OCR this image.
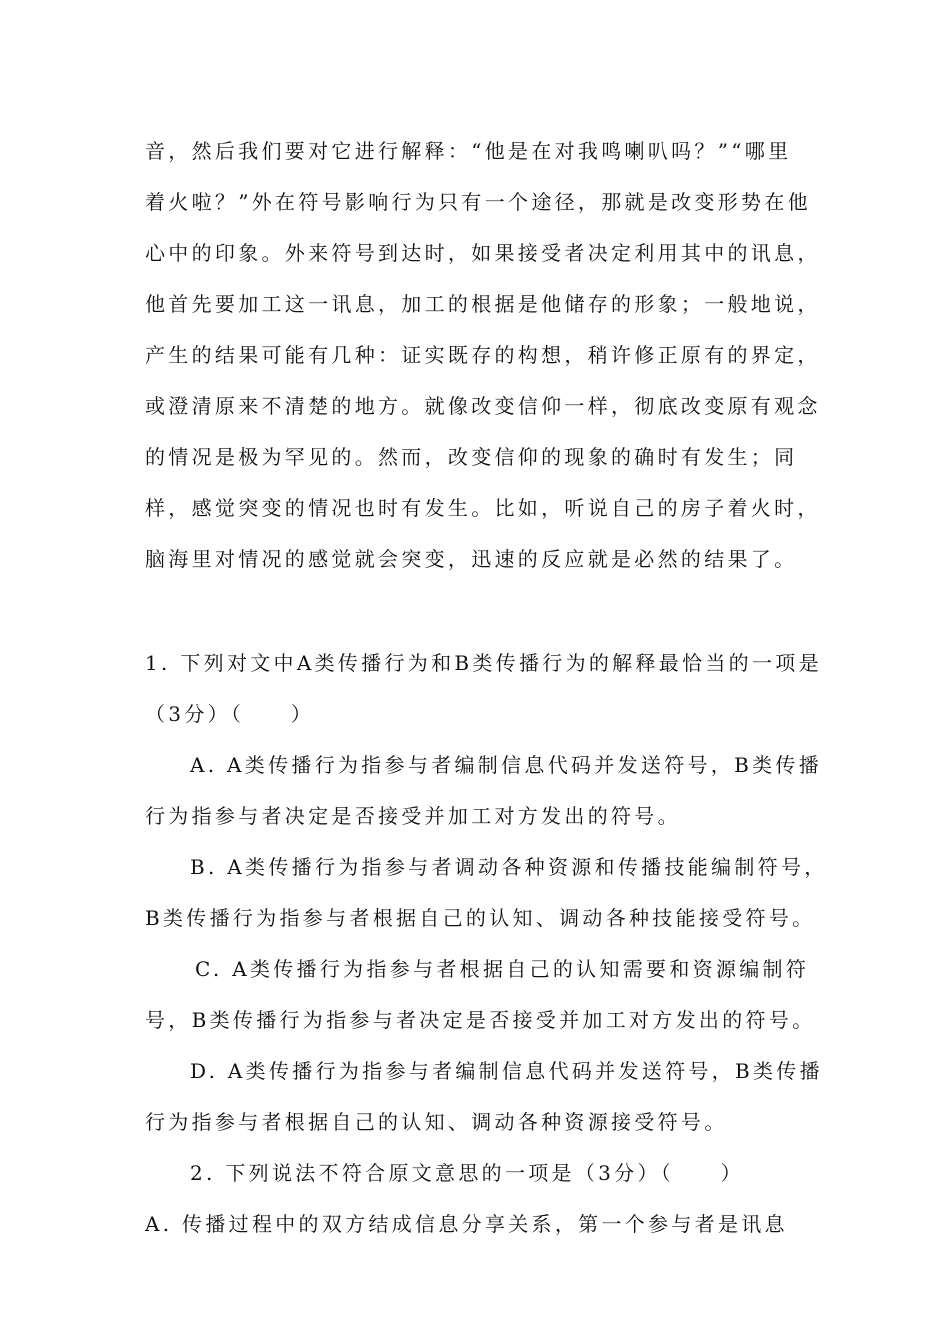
音，然后我们要对它进行解释：“他是在对我鸣喇叭吗？”“哪里
着火啦？”外在符号影响行为只有一个途径，那就是改变形势在他
心中的印象。外来符号到达时，如果接受者决定利用其中的讯息，
他首先要加工这一讯息，加工的根据是他储存的形象；一般地说，
产生的结果可能有几种：证实既存的构想，稍许修正原有的界定，
或澄清原来不清楚的地方。就像改变信仰一样，彻底改变原有观念
的情况是极为罕见的。然而，改变信仰的现象的确时有发生；同
样，感觉突变的情况也时有发生。比如，听说自己的房子着火时，
脑海里对情况的感觉就会突变，迅速的反应就是必然的结果了。
1. 下列对文中A类传播行为和B类传播行为的解释最恰当的一项是
（3分）（　　）
A. A类传播行为指参与者编制信息代码并发送符号，B类传播
行为指参与者决定是否接受并加工对方发出的符号。
B. A类传播行为指参与者调动各种资源和传播技能编制符号，
B类传播行为指参与者根据自己的认知、调动各种技能接受符号。
C. A类传播行为指参与者根据自己的认知需要和资源编制符
号，B类传播行为指参与者决定是否接受并加工对方发出的符号。
D. A类传播行为指参与者编制信息代码并发送符号，B类传播
行为指参与者根据自己的认知、调动各种资源接受符号。
2. 下列说法不符合原文意思的一项是（3分）（　　）
A. 传播过程中的双方结成信息分享关系，第一个参与者是讯息
